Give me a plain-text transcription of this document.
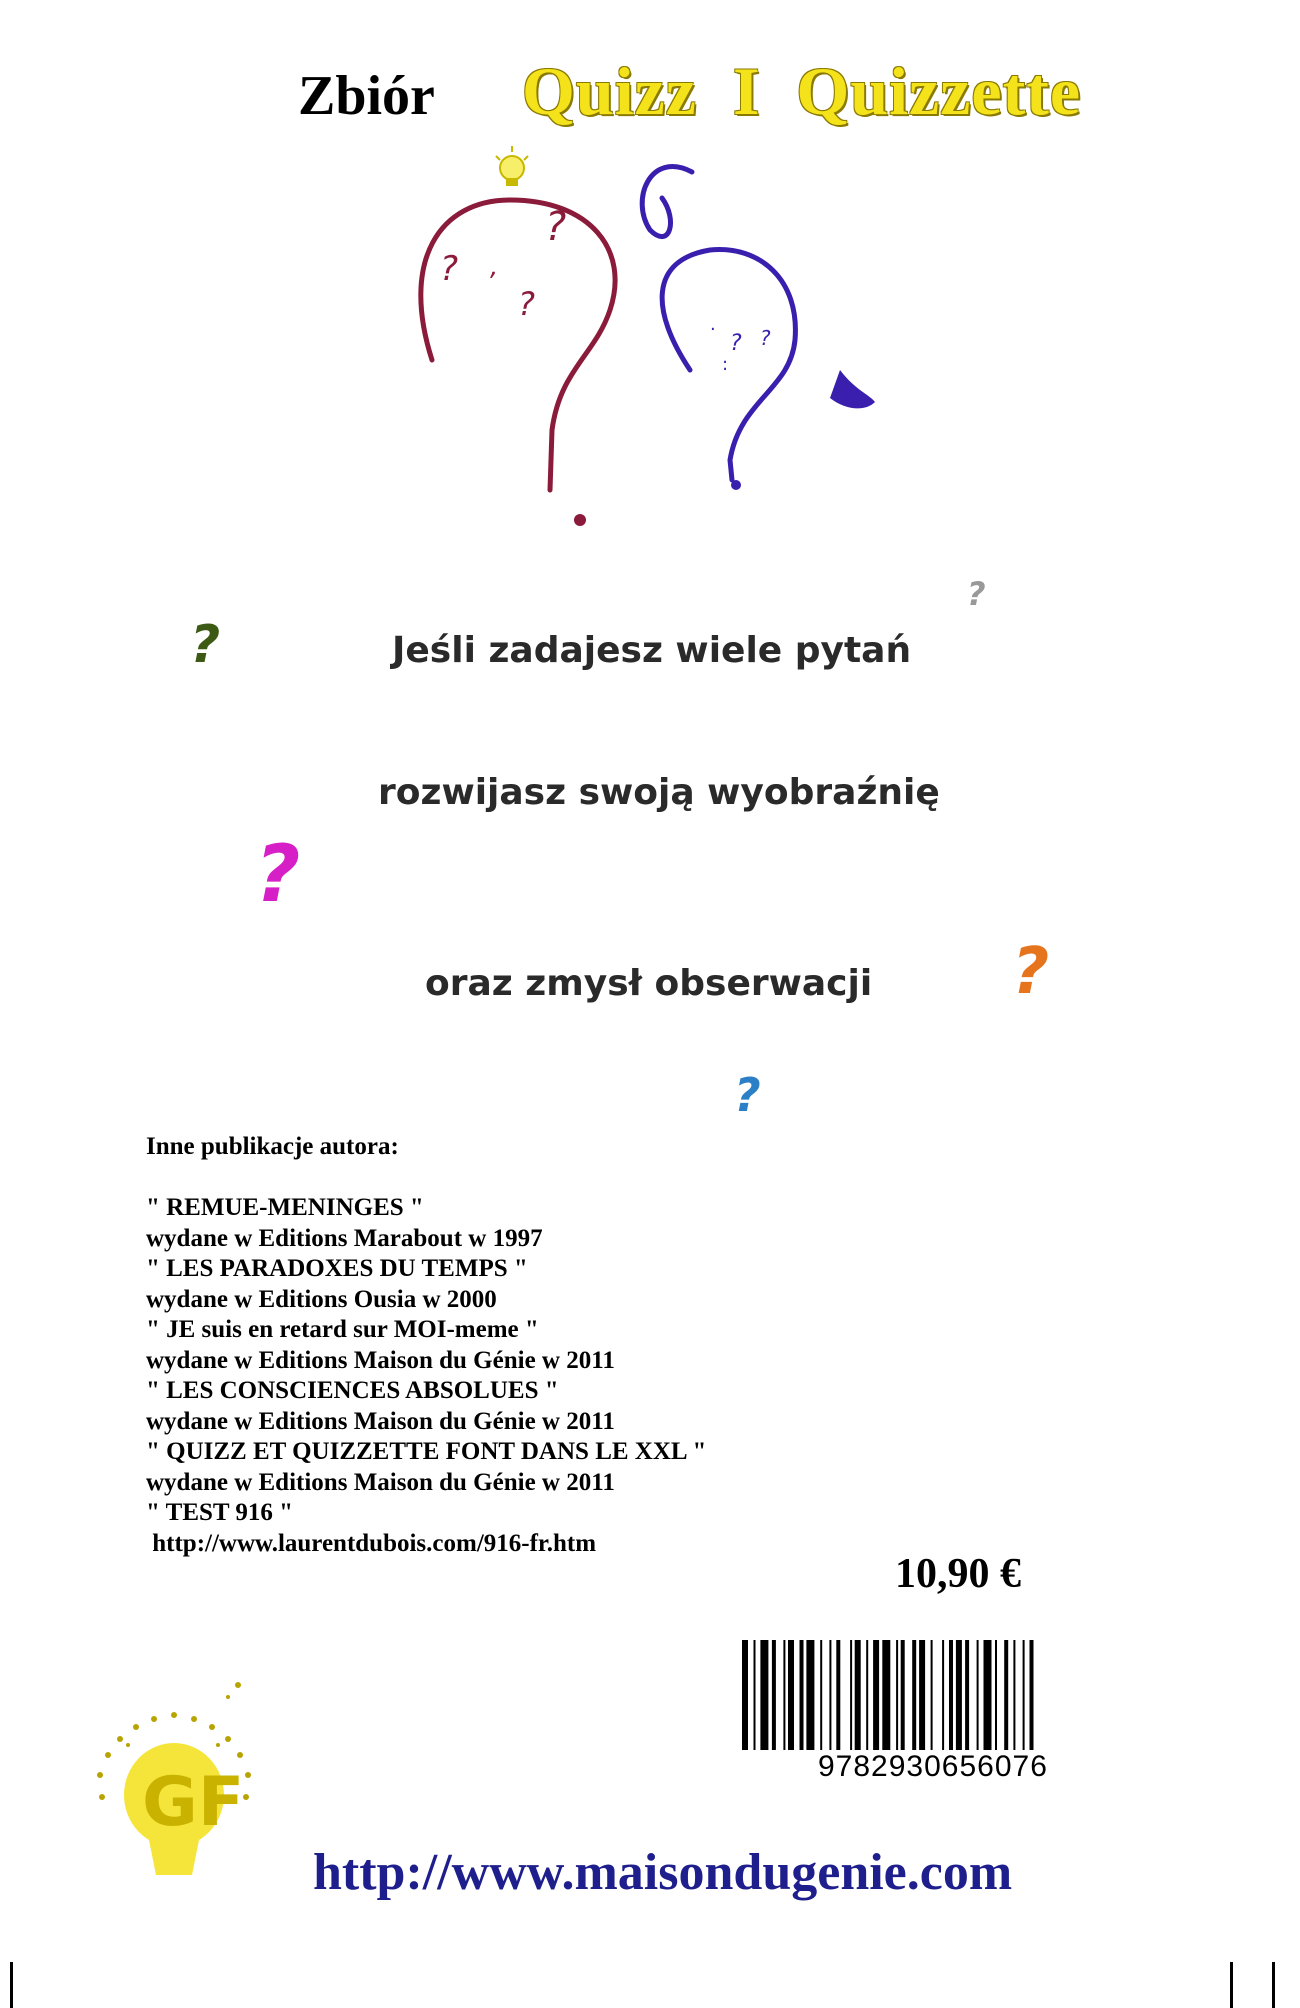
Zbiór Quizz  I  Quizzette
? ,
?
?
.
? ?
:
?
?
?
?
?
Jeśli zadajesz wiele pytań
rozwijasz swoją wyobraźnię
oraz zmysł obserwacji
Inne publikacje autora:
" REMUE-MENINGES "
wydane w Editions Marabout w 1997
" LES PARADOXES DU TEMPS "
wydane w Editions Ousia w 2000
" JE suis en retard sur MOI-meme "
wydane w Editions Maison du Génie w 2011
" LES CONSCIENCES ABSOLUES "
wydane w Editions Maison du Génie w 2011
" QUIZZ ET QUIZZETTE FONT DANS LE XXL "
wydane w Editions Maison du Génie w 2011
" TEST 916 "
http://www.laurentdubois.com/916-fr.htm
10,90 €
9782930656076
GF
http://www.maisondugenie.com
